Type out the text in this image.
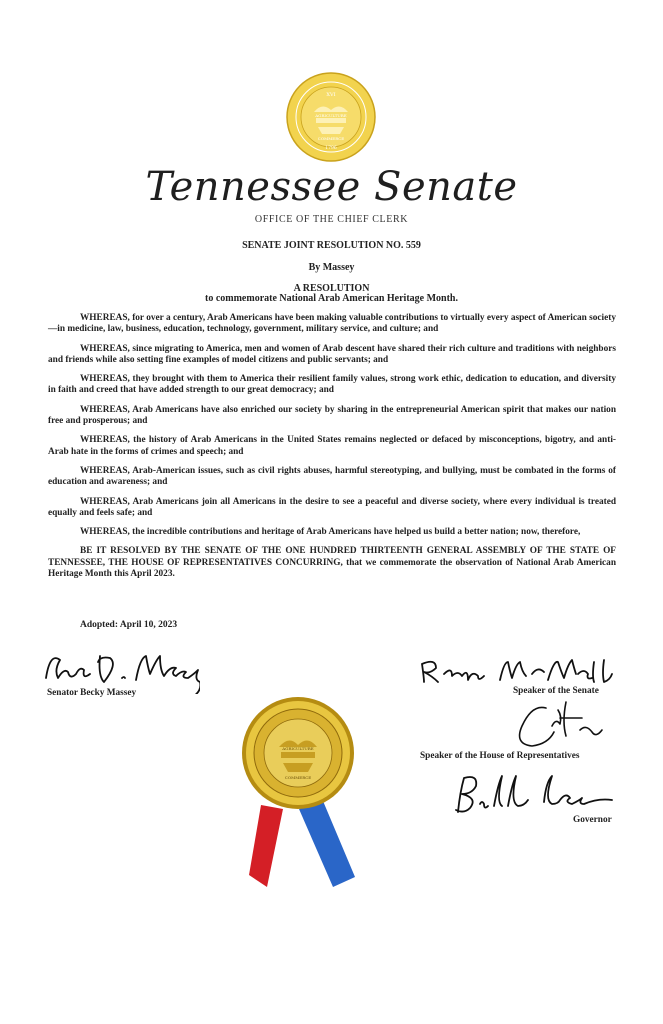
XVI
AGRICULTURE
COMMERCE
1796
Tennessee Senate
OFFICE OF THE CHIEF CLERK
SENATE JOINT RESOLUTION NO. 559
By Massey
A RESOLUTION
to commemorate National Arab American Heritage Month.

WHEREAS, for over a century, Arab Americans have been making valuable contributions to virtually every aspect of American society—in medicine, law, business, education, technology, government, military service, and culture; and

WHEREAS, since migrating to America, men and women of Arab descent have shared their rich culture and traditions with neighbors and friends while also setting fine examples of model citizens and public servants; and

WHEREAS, they brought with them to America their resilient family values, strong work ethic, dedication to education, and diversity in faith and creed that have added strength to our great democracy; and

WHEREAS, Arab Americans have also enriched our society by sharing in the entrepreneurial American spirit that makes our nation free and prosperous; and

WHEREAS, the history of Arab Americans in the United States remains neglected or defaced by misconceptions, bigotry, and anti-Arab hate in the forms of crimes and speech; and

WHEREAS, Arab-American issues, such as civil rights abuses, harmful stereotyping, and bullying, must be combated in the forms of education and awareness; and

WHEREAS, Arab Americans join all Americans in the desire to see a peaceful and diverse society, where every individual is treated equally and feels safe; and

WHEREAS, the incredible contributions and heritage of Arab Americans have helped us build a better nation; now, therefore,

BE IT RESOLVED BY THE SENATE OF THE ONE HUNDRED THIRTEENTH GENERAL ASSEMBLY OF THE STATE OF TENNESSEE, THE HOUSE OF REPRESENTATIVES CONCURRING, that we commemorate the observation of National Arab American Heritage Month this April 2023.

Adopted: April 10, 2023
Senator Becky Massey	Speaker of the Senate
Speaker of the House of Representatives
Governor
AGRICULTURE
COMMERCE
